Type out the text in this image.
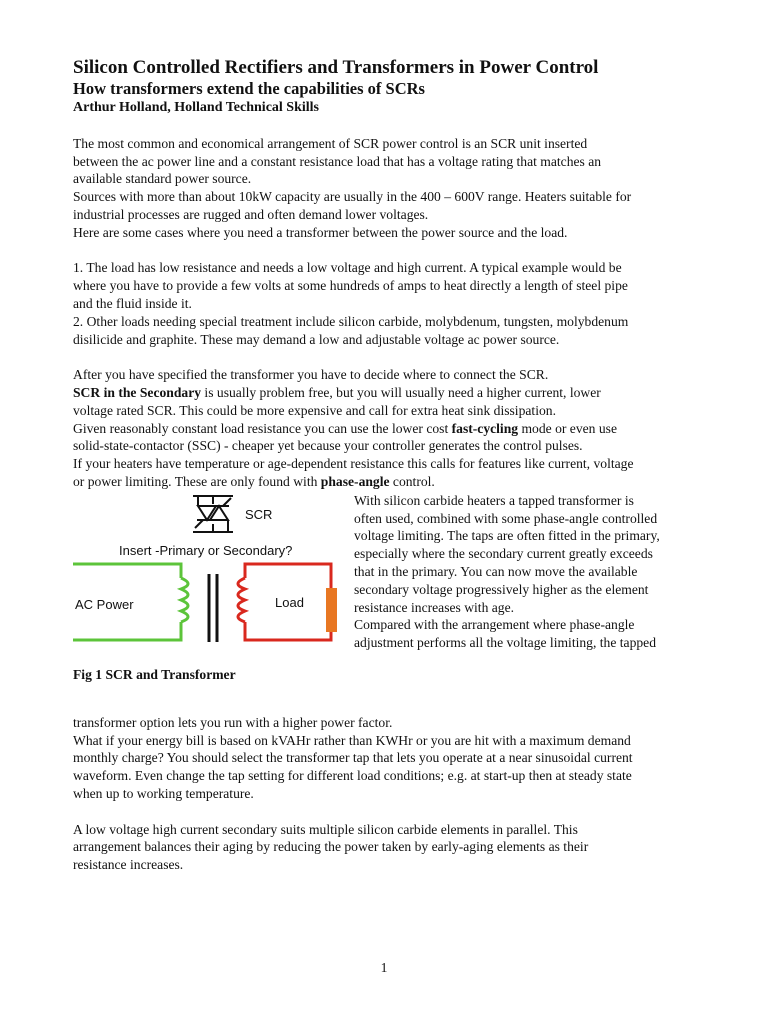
Silicon Controlled Rectifiers and Transformers in Power Control
How transformers extend the capabilities of SCRs
Arthur Holland, Holland Technical Skills

The most common and economical arrangement of SCR power control is an SCR unit inserted

between the ac power line and a constant resistance load that has a voltage rating that matches an

available standard power source.

Sources with more than about 10kW capacity are usually in the 400 – 600V range. Heaters suitable for

industrial processes are rugged and often demand lower voltages.

Here are some cases where you need a transformer between the power source and the load.

1. The load has low resistance and needs a low voltage and high current. A typical example would be

where you have to provide a few volts at some hundreds of amps to heat directly a length of steel pipe

and the fluid inside it.

2. Other loads needing special treatment include silicon carbide, molybdenum, tungsten, molybdenum

disilicide and graphite. These may demand a low and adjustable voltage ac power source.

After you have specified the transformer you have to decide where to connect the SCR.

SCR in the Secondary is usually problem free, but you will usually need a higher current, lower

voltage rated SCR. This could be more expensive and call for extra heat sink dissipation.

Given reasonably constant load resistance you can use the lower cost fast-cycling mode or even use

solid-state-contactor (SSC) - cheaper yet because your controller generates the control pulses.

If your heaters have temperature or age-dependent resistance this calls for features like current, voltage

or power limiting. These are only found with phase-angle control.

SCR
Insert -Primary or Secondary?
AC Power	Load
Fig 1 SCR and Transformer

With silicon carbide heaters a tapped transformer is

often used, combined with some phase-angle controlled

voltage limiting. The taps are often fitted in the primary,

especially where the secondary current greatly exceeds

that in the primary. You can now move the available

secondary voltage progressively higher as the element

resistance increases with age.

Compared with the arrangement where phase-angle

adjustment performs all the voltage limiting, the tapped

transformer option lets you run with a higher power factor.

What if your energy bill is based on kVAHr rather than KWHr or you are hit with a maximum demand

monthly charge? You should select the transformer tap that lets you operate at a near sinusoidal current

waveform. Even change the tap setting for different load conditions; e.g. at start-up then at steady state

when up to working temperature.

A low voltage high current secondary suits multiple silicon carbide elements in parallel. This

arrangement balances their aging by reducing the power taken by early-aging elements as their

resistance increases.

1
